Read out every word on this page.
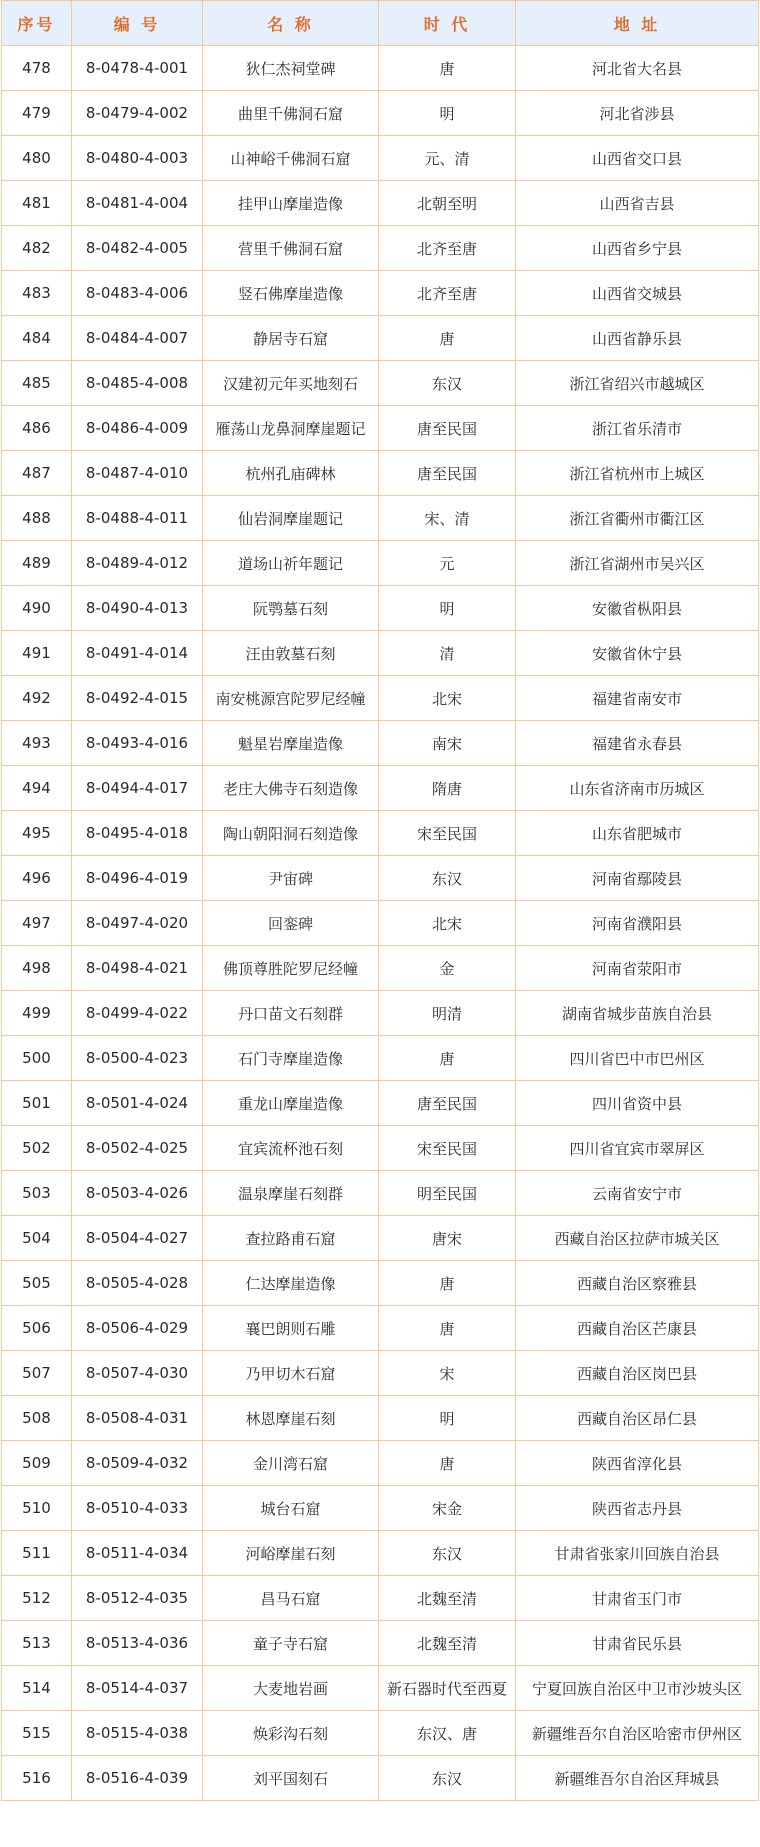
序号	编 号	名 称	时 代	地 址
478	8-0478-4-001	狄仁杰祠堂碑	唐	河北省大名县
479	8-0479-4-002	曲里千佛洞石窟	明	河北省涉县
480	8-0480-4-003	山神峪千佛洞石窟	元、清	山西省交口县
481	8-0481-4-004	挂甲山摩崖造像	北朝至明	山西省吉县
482	8-0482-4-005	营里千佛洞石窟	北齐至唐	山西省乡宁县
483	8-0483-4-006	竖石佛摩崖造像	北齐至唐	山西省交城县
484	8-0484-4-007	静居寺石窟	唐	山西省静乐县
485	8-0485-4-008	汉建初元年买地刻石	东汉	浙江省绍兴市越城区
486	8-0486-4-009	雁荡山龙鼻洞摩崖题记	唐至民国	浙江省乐清市
487	8-0487-4-010	杭州孔庙碑林	唐至民国	浙江省杭州市上城区
488	8-0488-4-011	仙岩洞摩崖题记	宋、清	浙江省衢州市衢江区
489	8-0489-4-012	道场山祈年题记	元	浙江省湖州市吴兴区
490	8-0490-4-013	阮鹗墓石刻	明	安徽省枞阳县
491	8-0491-4-014	汪由敦墓石刻	清	安徽省休宁县
492	8-0492-4-015	南安桃源宫陀罗尼经幢	北宋	福建省南安市
493	8-0493-4-016	魁星岩摩崖造像	南宋	福建省永春县
494	8-0494-4-017	老庄大佛寺石刻造像	隋唐	山东省济南市历城区
495	8-0495-4-018	陶山朝阳洞石刻造像	宋至民国	山东省肥城市
496	8-0496-4-019	尹宙碑	东汉	河南省鄢陵县
497	8-0497-4-020	回銮碑	北宋	河南省濮阳县
498	8-0498-4-021	佛顶尊胜陀罗尼经幢	金	河南省荥阳市
499	8-0499-4-022	丹口苗文石刻群	明清	湖南省城步苗族自治县
500	8-0500-4-023	石门寺摩崖造像	唐	四川省巴中市巴州区
501	8-0501-4-024	重龙山摩崖造像	唐至民国	四川省资中县
502	8-0502-4-025	宜宾流杯池石刻	宋至民国	四川省宜宾市翠屏区
503	8-0503-4-026	温泉摩崖石刻群	明至民国	云南省安宁市
504	8-0504-4-027	查拉路甫石窟	唐宋	西藏自治区拉萨市城关区
505	8-0505-4-028	仁达摩崖造像	唐	西藏自治区察雅县
506	8-0506-4-029	襄巴朗则石雕	唐	西藏自治区芒康县
507	8-0507-4-030	乃甲切木石窟	宋	西藏自治区岗巴县
508	8-0508-4-031	林恩摩崖石刻	明	西藏自治区昂仁县
509	8-0509-4-032	金川湾石窟	唐	陕西省淳化县
510	8-0510-4-033	城台石窟	宋金	陕西省志丹县
511	8-0511-4-034	河峪摩崖石刻	东汉	甘肃省张家川回族自治县
512	8-0512-4-035	昌马石窟	北魏至清	甘肃省玉门市
513	8-0513-4-036	童子寺石窟	北魏至清	甘肃省民乐县
514	8-0514-4-037	大麦地岩画	新石器时代至西夏	宁夏回族自治区中卫市沙坡头区
515	8-0515-4-038	焕彩沟石刻	东汉、唐	新疆维吾尔自治区哈密市伊州区
516	8-0516-4-039	刘平国刻石	东汉	新疆维吾尔自治区拜城县
